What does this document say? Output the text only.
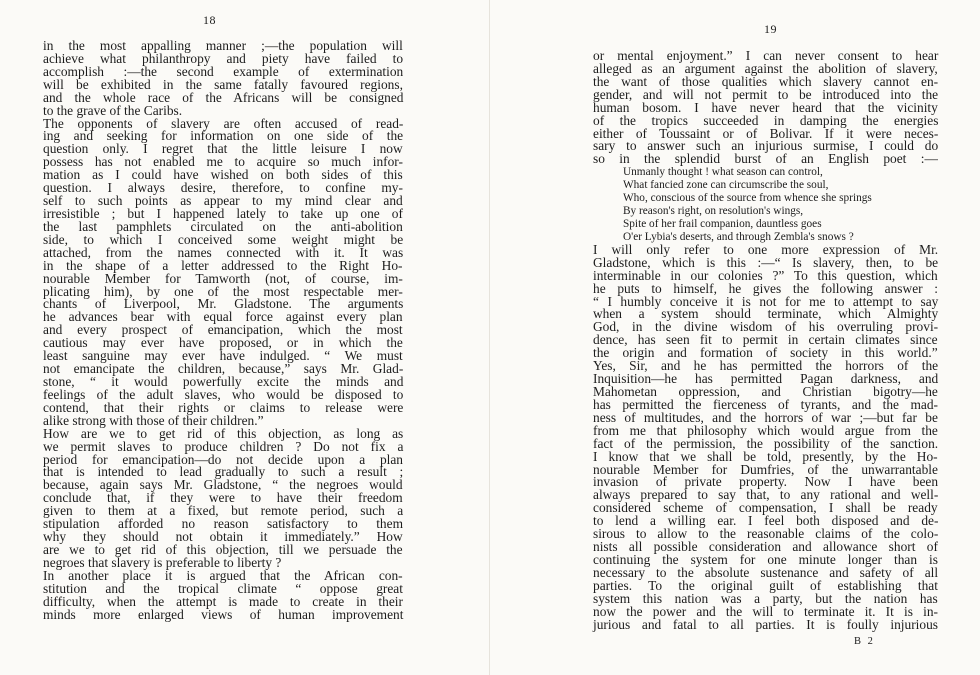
18
in the most appalling manner ;—the population will
achieve what philanthropy and piety have failed to
accomplish :—the second example of extermination
will be exhibited in the same fatally favoured regions,
and the whole race of the Africans will be consigned
to the grave of the Caribs.
The opponents of slavery are often accused of read-
ing and seeking for information on one side of the
question only. I regret that the little leisure I now
possess has not enabled me to acquire so much infor-
mation as I could have wished on both sides of this
question. I always desire, therefore, to confine my-
self to such points as appear to my mind clear and
irresistible ; but I happened lately to take up one of
the last pamphlets circulated on the anti-abolition
side, to which I conceived some weight might be
attached, from the names connected with it. It was
in the shape of a letter addressed to the Right Ho-
nourable Member for Tamworth (not, of course, im-
plicating him), by one of the most respectable mer-
chants of Liverpool, Mr. Gladstone. The arguments
he advances bear with equal force against every plan
and every prospect of emancipation, which the most
cautious may ever have proposed, or in which the
least sanguine may ever have indulged. “ We must
not emancipate the children, because,” says Mr. Glad-
stone, “ it would powerfully excite the minds and
feelings of the adult slaves, who would be disposed to
contend, that their rights or claims to release were
alike strong with those of their children.”
How are we to get rid of this objection, as long as
we permit slaves to produce children ? Do not fix a
period for emancipation—do not decide upon a plan
that is intended to lead gradually to such a result ;
because, again says Mr. Gladstone, “ the negroes would
conclude that, if they were to have their freedom
given to them at a fixed, but remote period, such a
stipulation afforded no reason satisfactory to them
why they should not obtain it immediately.” How
are we to get rid of this objection, till we persuade the
negroes that slavery is preferable to liberty ?
In another place it is argued that the African con-
stitution and the tropical climate “ oppose great
difficulty, when the attempt is made to create in their
minds more enlarged views of human improvement
19
or mental enjoyment.” I can never consent to hear
alleged as an argument against the abolition of slavery,
the want of those qualities which slavery cannot en-
gender, and will not permit to be introduced into the
human bosom. I have never heard that the vicinity
of the tropics succeeded in damping the energies
either of Toussaint or of Bolivar. If it were neces-
sary to answer such an injurious surmise, I could do
so in the splendid burst of an English poet :—
Unmanly thought ! what season can control,
What fancied zone can circumscribe the soul,
Who, conscious of the source from whence she springs
By reason's right, on resolution's wings,
Spite of her frail companion, dauntless goes
O'er Lybia's deserts, and through Zembla's snows ?
I will only refer to one more expression of Mr.
Gladstone, which is this :—“ Is slavery, then, to be
interminable in our colonies ?” To this question, which
he puts to himself, he gives the following answer :
“ I humbly conceive it is not for me to attempt to say
when a system should terminate, which Almighty
God, in the divine wisdom of his overruling provi-
dence, has seen fit to permit in certain climates since
the origin and formation of society in this world.”
Yes, Sir, and he has permitted the horrors of the
Inquisition—he has permitted Pagan darkness, and
Mahometan oppression, and Christian bigotry—he
has permitted the fierceness of tyrants, and the mad-
ness of multitudes, and the horrors of war ;—but far be
from me that philosophy which would argue from the
fact of the permission, the possibility of the sanction.
I know that we shall be told, presently, by the Ho-
nourable Member for Dumfries, of the unwarrantable
invasion of private property. Now I have been
always prepared to say that, to any rational and well-
considered scheme of compensation, I shall be ready
to lend a willing ear. I feel both disposed and de-
sirous to allow to the reasonable claims of the colo-
nists all possible consideration and allowance short of
continuing the system for one minute longer than is
necessary to the absolute sustenance and safety of all
parties. To the original guilt of establishing that
system this nation was a party, but the nation has
now the power and the will to terminate it. It is in-
jurious and fatal to all parties. It is foully injurious
B 2
